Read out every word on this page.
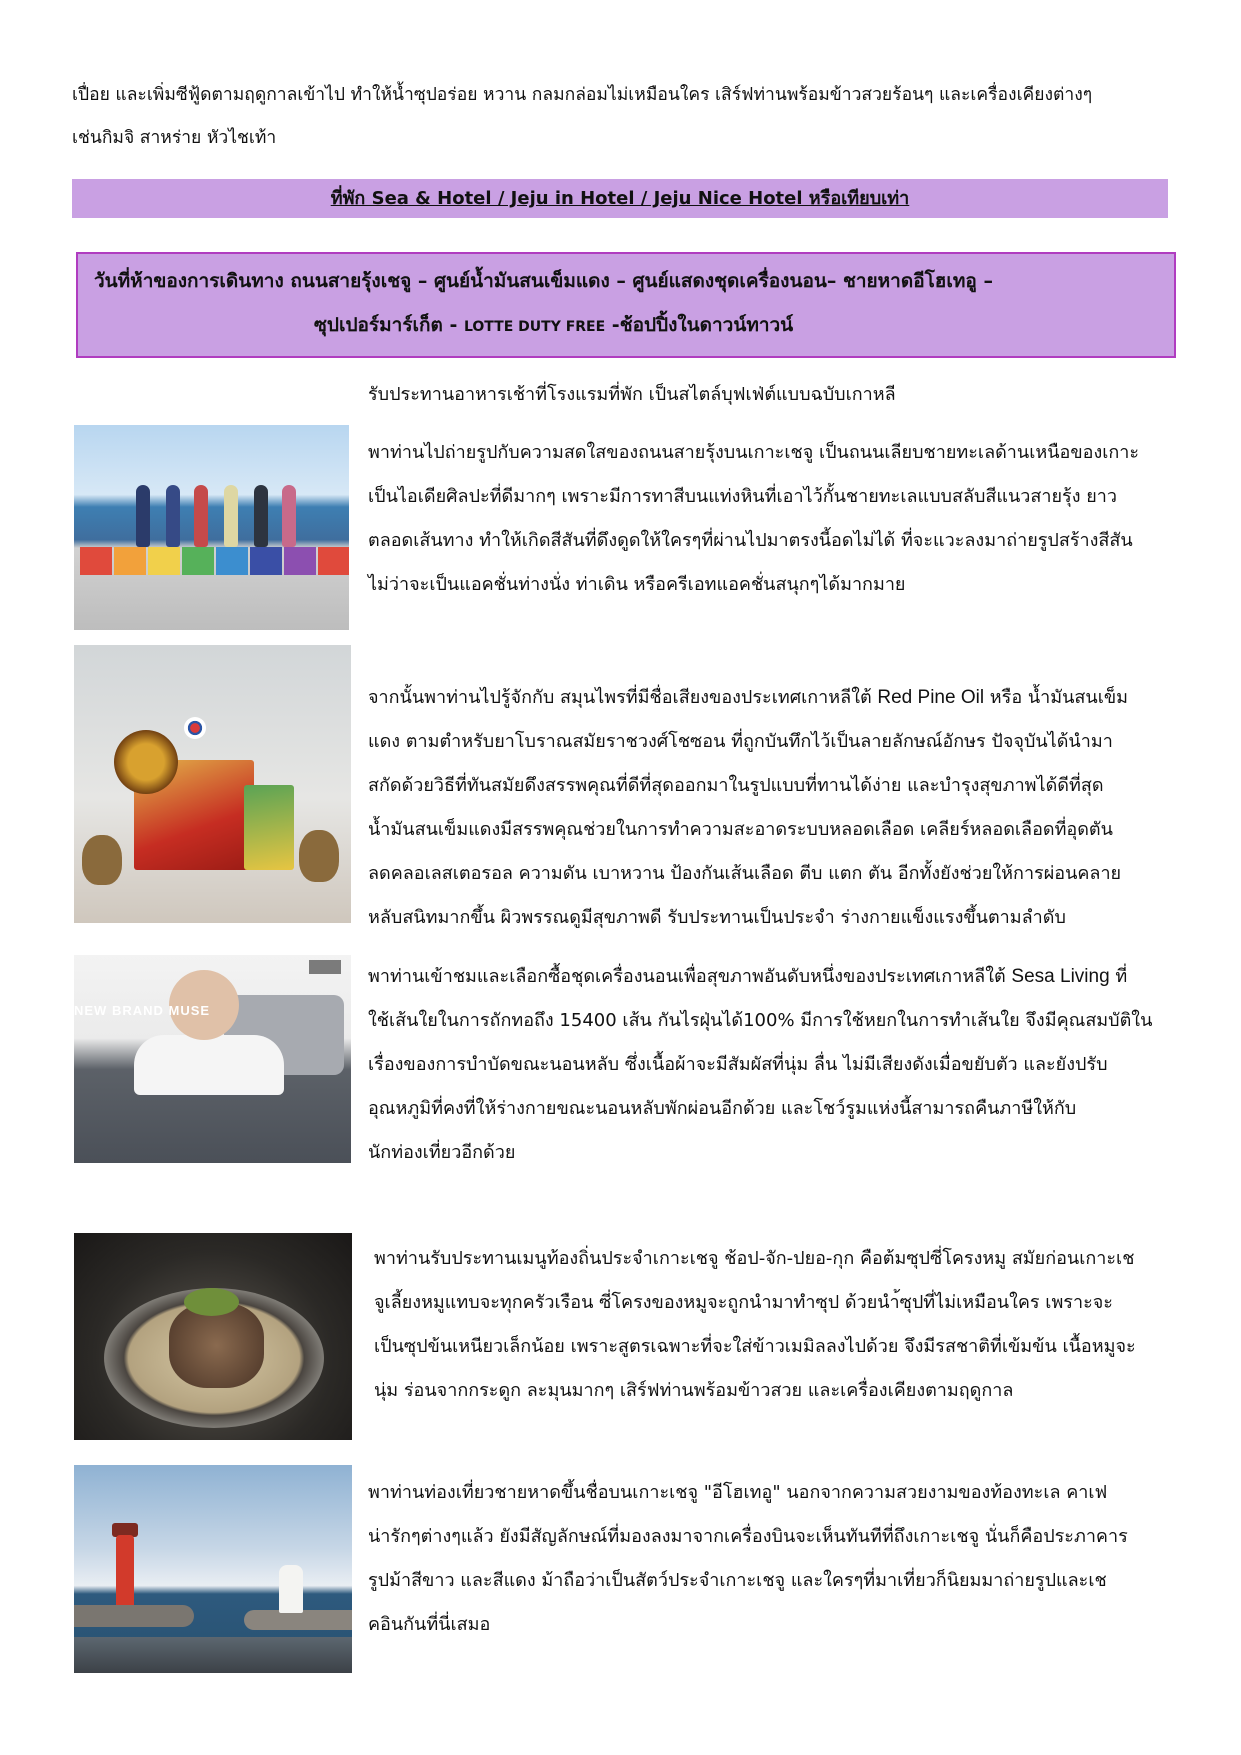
เปื่อย และเพิ่มซีฟู้ดตามฤดูกาลเข้าไป ทำให้น้ำซุปอร่อย หวาน กลมกล่อมไม่เหมือนใคร เสิร์ฟท่านพร้อมข้าวสวยร้อนๆ และเครื่องเคียงต่างๆ
เช่นกิมจิ สาหร่าย หัวไชเท้า
ที่พัก Sea & Hotel / Jeju in Hotel / Jeju Nice Hotel หรือเทียบเท่า
วันที่ห้าของการเดินทาง ถนนสายรุ้งเชจู – ศูนย์น้ำมันสนเข็มแดง – ศูนย์แสดงชุดเครื่องนอน– ชายหาดอีโฮเทอู –
ซุปเปอร์มาร์เก็ต - LOTTE DUTY FREE -ช้อปปิ้งในดาวน์ทาวน์
รับประทานอาหารเช้าที่โรงแรมที่พัก เป็นสไตล์บุฟเฟ่ต์แบบฉบับเกาหลี
พาท่านไปถ่ายรูปกับความสดใสของถนนสายรุ้งบนเกาะเชจู เป็นถนนเลียบชายทะเลด้านเหนือของเกาะ
เป็นไอเดียศิลปะที่ดีมากๆ เพราะมีการทาสีบนแท่งหินที่เอาไว้กั้นชายทะเลแบบสลับสีแนวสายรุ้ง ยาว
ตลอดเส้นทาง ทำให้เกิดสีสันที่ดึงดูดให้ใครๆที่ผ่านไปมาตรงนี้อดไม่ได้ ที่จะแวะลงมาถ่ายรูปสร้างสีสัน
ไม่ว่าจะเป็นแอคชั่นท่างนั่ง ท่าเดิน หรือครีเอทแอคชั่นสนุกๆได้มากมาย
จากนั้นพาท่านไปรู้จักกับ สมุนไพรที่มีชื่อเสียงของประเทศเกาหลีใต้ Red Pine Oil หรือ น้ำมันสนเข็ม
แดง ตามตำหรับยาโบราณสมัยราชวงศ์โชซอน ที่ถูกบันทึกไว้เป็นลายลักษณ์อักษร ปัจจุบันได้นำมา
สกัดด้วยวิธีที่ทันสมัยดึงสรรพคุณที่ดีที่สุดออกมาในรูปแบบที่ทานได้ง่าย และบำรุงสุขภาพได้ดีที่สุด
น้ำมันสนเข็มแดงมีสรรพคุณช่วยในการทำความสะอาดระบบหลอดเลือด เคลียร์หลอดเลือดที่อุดตัน
ลดคลอเลสเตอรอล ความดัน เบาหวาน ป้องกันเส้นเลือด ตีบ แตก ตัน อีกทั้งยังช่วยให้การผ่อนคลาย
หลับสนิทมากขึ้น ผิวพรรณดูมีสุขภาพดี รับประทานเป็นประจำ ร่างกายแข็งแรงขึ้นตามลำดับ
NEW BRAND MUSE
พาท่านเข้าชมและเลือกซื้อชุดเครื่องนอนเพื่อสุขภาพอันดับหนึ่งของประเทศเกาหลีใต้ Sesa Living ที่
ใช้เส้นใยในการถักทอถึง 15400 เส้น กันไรฝุ่นได้100% มีการใช้หยกในการทำเส้นใย จึงมีคุณสมบัติใน
เรื่องของการบำบัดขณะนอนหลับ ซึ่งเนื้อผ้าจะมีสัมผัสที่นุ่ม ลื่น ไม่มีเสียงดังเมื่อขยับตัว และยังปรับ
อุณหภูมิที่คงที่ให้ร่างกายขณะนอนหลับพักผ่อนอีกด้วย และโชว์รูมแห่งนี้สามารถคืนภาษีให้กับ
นักท่องเที่ยวอีกด้วย
พาท่านรับประทานเมนูท้องถิ่นประจำเกาะเชจู ช้อป-จัก-ปยอ-กุก คือต้มซุปซี่โครงหมู สมัยก่อนเกาะเช
จูเลี้ยงหมูแทบจะทุกครัวเรือน ซี่โครงของหมูจะถูกนำมาทำซุป ด้วยนำ้ซุปที่ไม่เหมือนใคร เพราะจะ
เป็นซุปข้นเหนียวเล็กน้อย เพราะสูตรเฉพาะที่จะใส่ข้าวเมมิลลงไปด้วย จึงมีรสชาติที่เข้มข้น เนื้อหมูจะ
นุ่ม ร่อนจากกระดูก ละมุนมากๆ เสิร์ฟท่านพร้อมข้าวสวย และเครื่องเคียงตามฤดูกาล
พาท่านท่องเที่ยวชายหาดขึ้นชื่อบนเกาะเชจู "อีโฮเทอู" นอกจากความสวยงามของท้องทะเล คาเฟ
น่ารักๆต่างๆแล้ว ยังมีสัญลักษณ์ที่มองลงมาจากเครื่องบินจะเห็นทันทีที่ถึงเกาะเชจู นั่นก็คือประภาคาร
รูปม้าสีขาว และสีแดง ม้าถือว่าเป็นสัตว์ประจำเกาะเชจู และใครๆที่มาเที่ยวก็นิยมมาถ่ายรูปและเช
คอินกันที่นี่เสมอ
